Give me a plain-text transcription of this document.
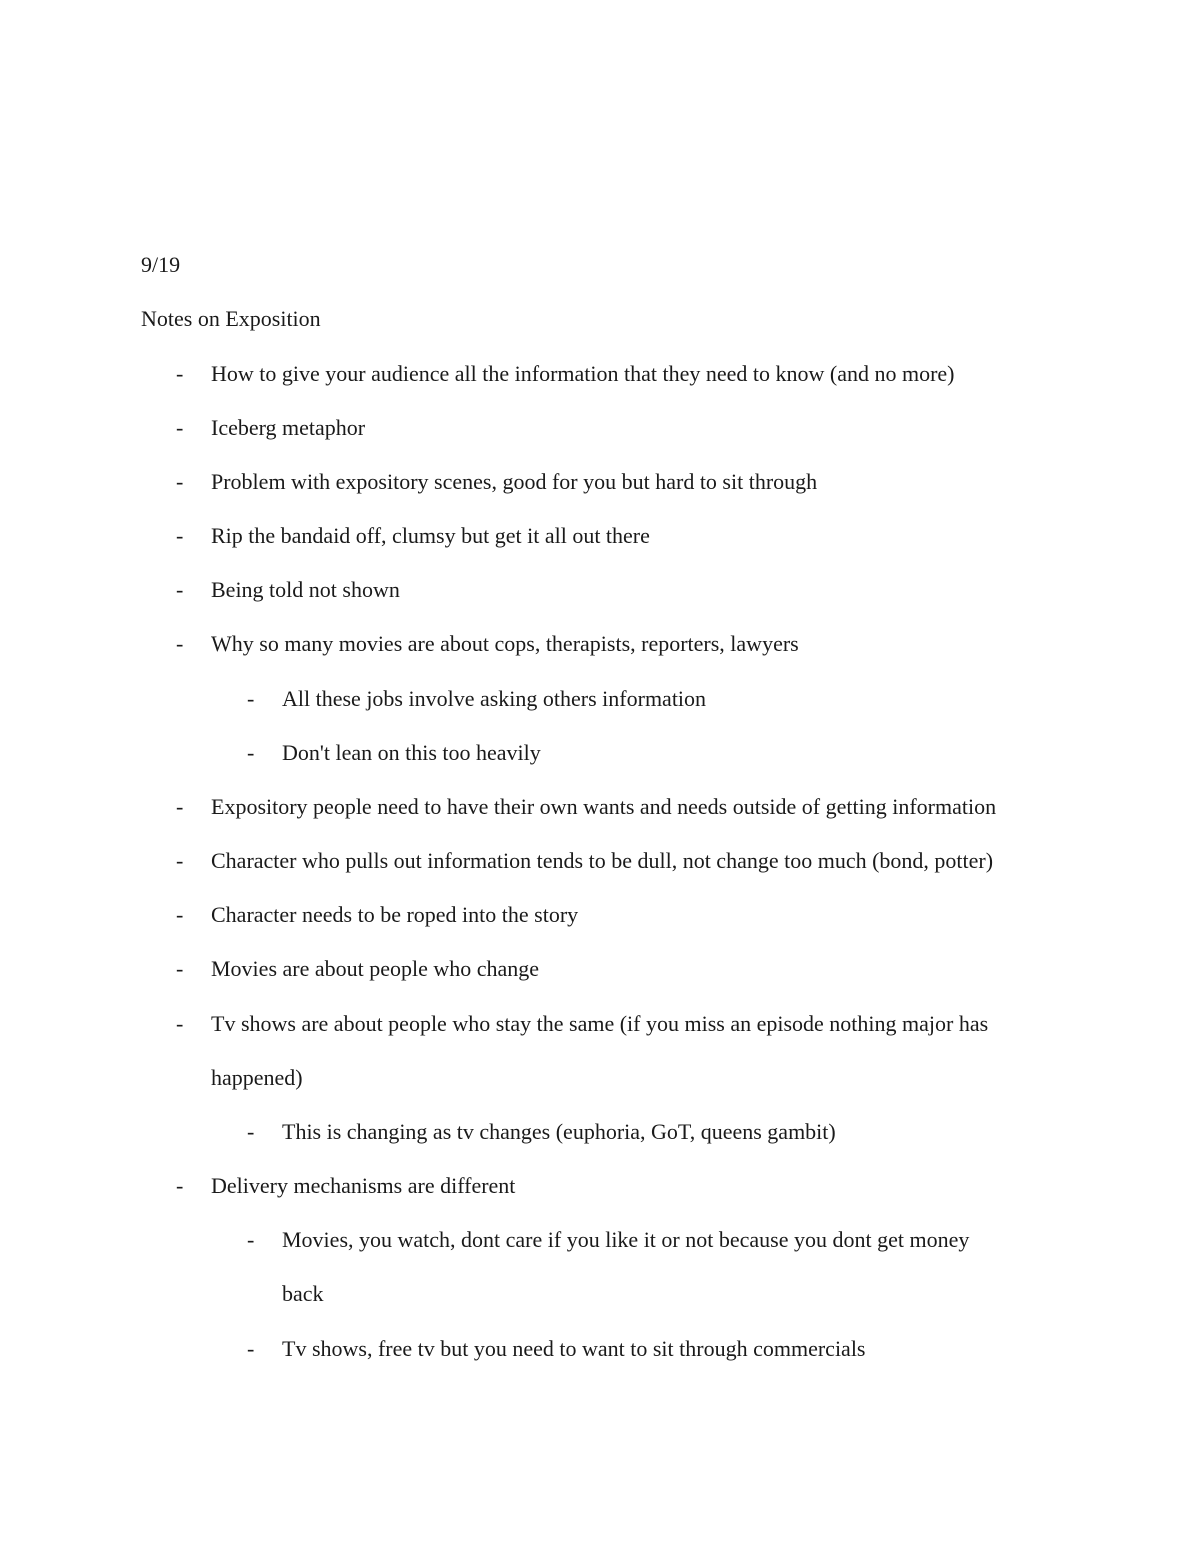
9/19
Notes on Exposition
- How to give your audience all the information that they need to know (and no more)
- Iceberg metaphor
- Problem with expository scenes, good for you but hard to sit through
- Rip the bandaid off, clumsy but get it all out there
- Being told not shown
- Why so many movies are about cops, therapists, reporters, lawyers
- All these jobs involve asking others information
- Don't lean on this too heavily
- Expository people need to have their own wants and needs outside of getting information
- Character who pulls out information tends to be dull, not change too much (bond, potter)
- Character needs to be roped into the story
- Movies are about people who change
- Tv shows are about people who stay the same (if you miss an episode nothing major has
happened)
- This is changing as tv changes (euphoria, GoT, queens gambit)
- Delivery mechanisms are different
- Movies, you watch, dont care if you like it or not because you dont get money
back
- Tv shows, free tv but you need to want to sit through commercials
